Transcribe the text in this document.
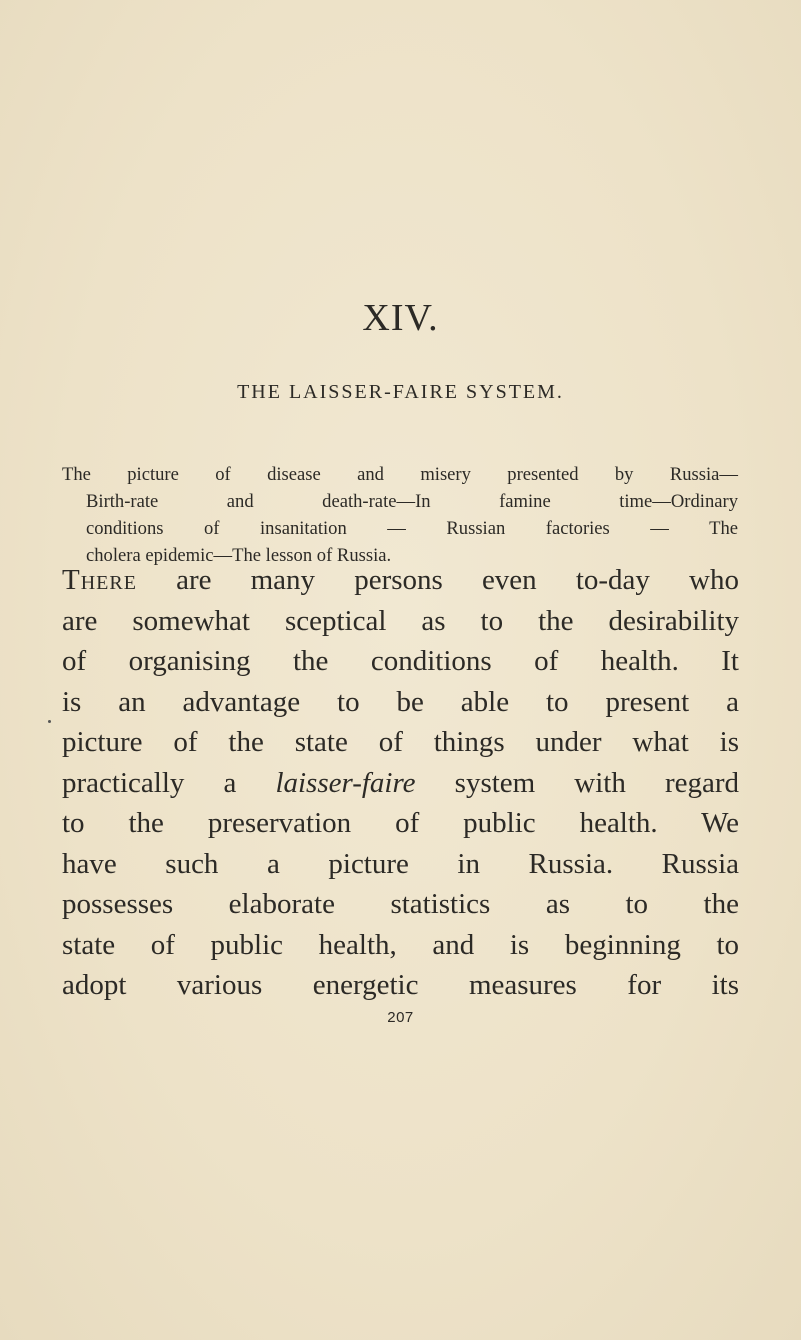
XIV.
THE LAISSER-FAIRE SYSTEM.
The picture of disease and misery presented by Russia—
Birth-rate and death-rate—In famine time—Ordinary
conditions of insanitation — Russian factories — The
cholera epidemic—The lesson of Russia.
There are many persons even to-day who
are somewhat sceptical as to the desirability
of organising the conditions of health. It
is an advantage to be able to present a
picture of the state of things under what is
practically a laisser-faire system with regard
to the preservation of public health. We
have such a picture in Russia. Russia
possesses elaborate statistics as to the
state of public health, and is beginning to
adopt various energetic measures for its
207
